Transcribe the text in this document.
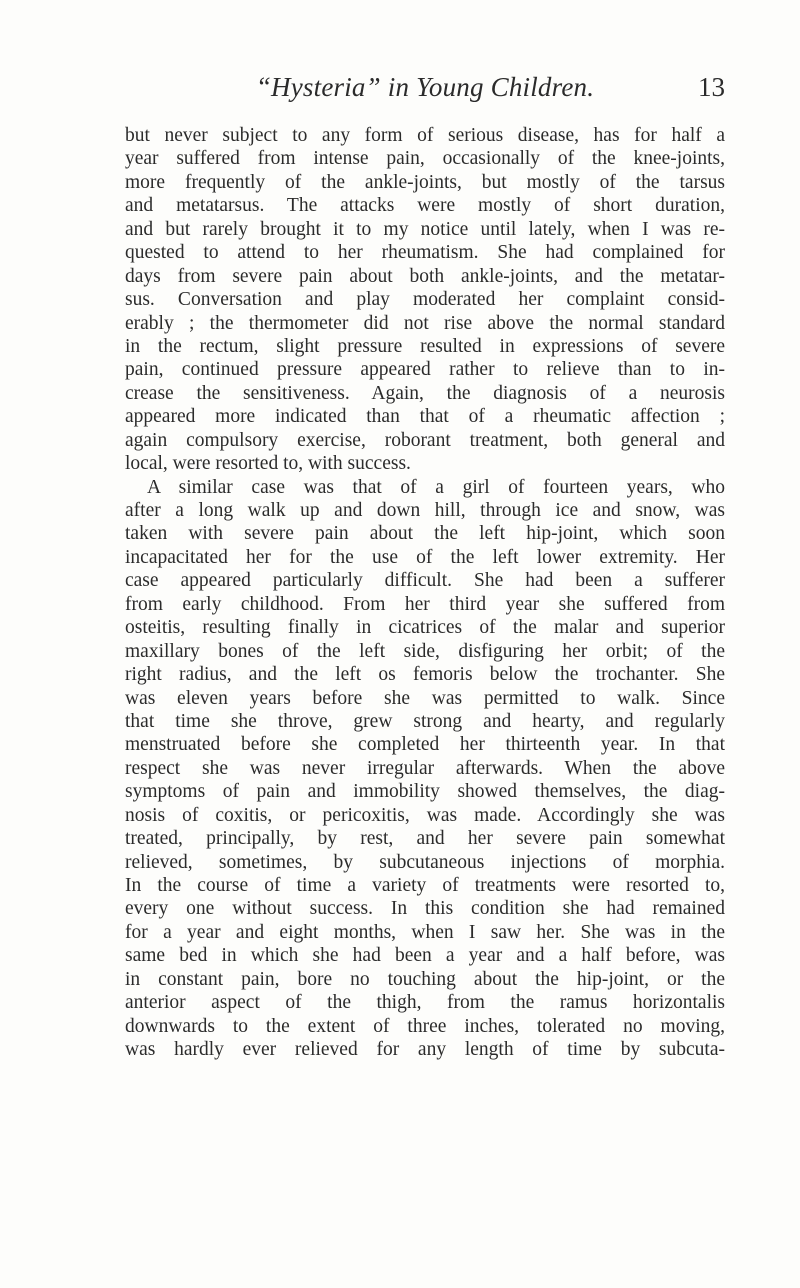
“Hysteria” in Young Children.	13
but never subject to any form of serious disease, has for half a
year suffered from intense pain, occasionally of the knee-joints,
more frequently of the ankle-joints, but mostly of the tarsus
and metatarsus. The attacks were mostly of short duration,
and but rarely brought it to my notice until lately, when I was re-
quested to attend to her rheumatism. She had complained for
days from severe pain about both ankle-joints, and the metatar-
sus. Conversation and play moderated her complaint consid-
erably ; the thermometer did not rise above the normal standard
in the rectum, slight pressure resulted in expressions of severe
pain, continued pressure appeared rather to relieve than to in-
crease the sensitiveness. Again, the diagnosis of a neurosis
appeared more indicated than that of a rheumatic affection ;
again compulsory exercise, roborant treatment, both general and
local, were resorted to, with success.
A similar case was that of a girl of fourteen years, who
after a long walk up and down hill, through ice and snow, was
taken with severe pain about the left hip-joint, which soon
incapacitated her for the use of the left lower extremity. Her
case appeared particularly difficult. She had been a sufferer
from early childhood. From her third year she suffered from
osteitis, resulting finally in cicatrices of the malar and superior
maxillary bones of the left side, disfiguring her orbit; of the
right radius, and the left os femoris below the trochanter. She
was eleven years before she was permitted to walk. Since
that time she throve, grew strong and hearty, and regularly
menstruated before she completed her thirteenth year. In that
respect she was never irregular afterwards. When the above
symptoms of pain and immobility showed themselves, the diag-
nosis of coxitis, or pericoxitis, was made. Accordingly she was
treated, principally, by rest, and her severe pain somewhat
relieved, sometimes, by subcutaneous injections of morphia.
In the course of time a variety of treatments were resorted to,
every one without success. In this condition she had remained
for a year and eight months, when I saw her. She was in the
same bed in which she had been a year and a half before, was
in constant pain, bore no touching about the hip-joint, or the
anterior aspect of the thigh, from the ramus horizontalis
downwards to the extent of three inches, tolerated no moving,
was hardly ever relieved for any length of time by subcuta-
